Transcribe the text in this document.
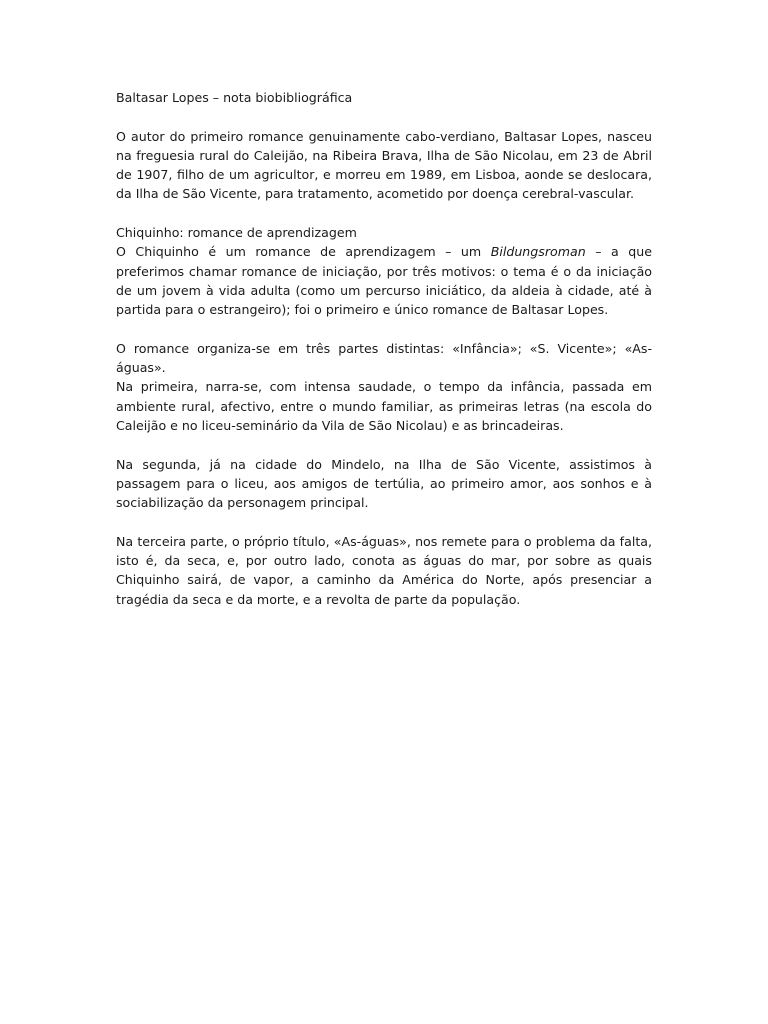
Baltasar Lopes – nota biobibliográfica

O autor do primeiro romance genuinamente cabo-verdiano, Baltasar Lopes, nasceu na freguesia rural do Caleijão, na Ribeira Brava, Ilha de São Nicolau, em 23 de Abril de 1907, filho de um agricultor, e morreu em 1989, em Lisboa, aonde se deslocara, da Ilha de São Vicente, para tratamento, acometido por doença cerebral-vascular.

Chiquinho: romance de aprendizagem

O Chiquinho é um romance de aprendizagem – um Bildungsroman – a que preferimos chamar romance de iniciação, por três motivos: o tema é o da iniciação de um jovem à vida adulta (como um percurso iniciático, da aldeia à cidade, até à partida para o estrangeiro); foi o primeiro e único romance de Baltasar Lopes.

O romance organiza-se em três partes distintas: «Infância»; «S. Vicente»; «As-águas».

Na primeira, narra-se, com intensa saudade, o tempo da infância, passada em ambiente rural, afectivo, entre o mundo familiar, as primeiras letras (na escola do Caleijão e no liceu-seminário da Vila de São Nicolau) e as brincadeiras.

Na segunda, já na cidade do Mindelo, na Ilha de São Vicente, assistimos à passagem para o liceu, aos amigos de tertúlia, ao primeiro amor, aos sonhos e à sociabilização da personagem principal.

Na terceira parte, o próprio título, «As-águas», nos remete para o problema da falta, isto é, da seca, e, por outro lado, conota as águas do mar, por sobre as quais Chiquinho sairá, de vapor, a caminho da América do Norte, após presenciar a tragédia da seca e da morte, e a revolta de parte da população.
